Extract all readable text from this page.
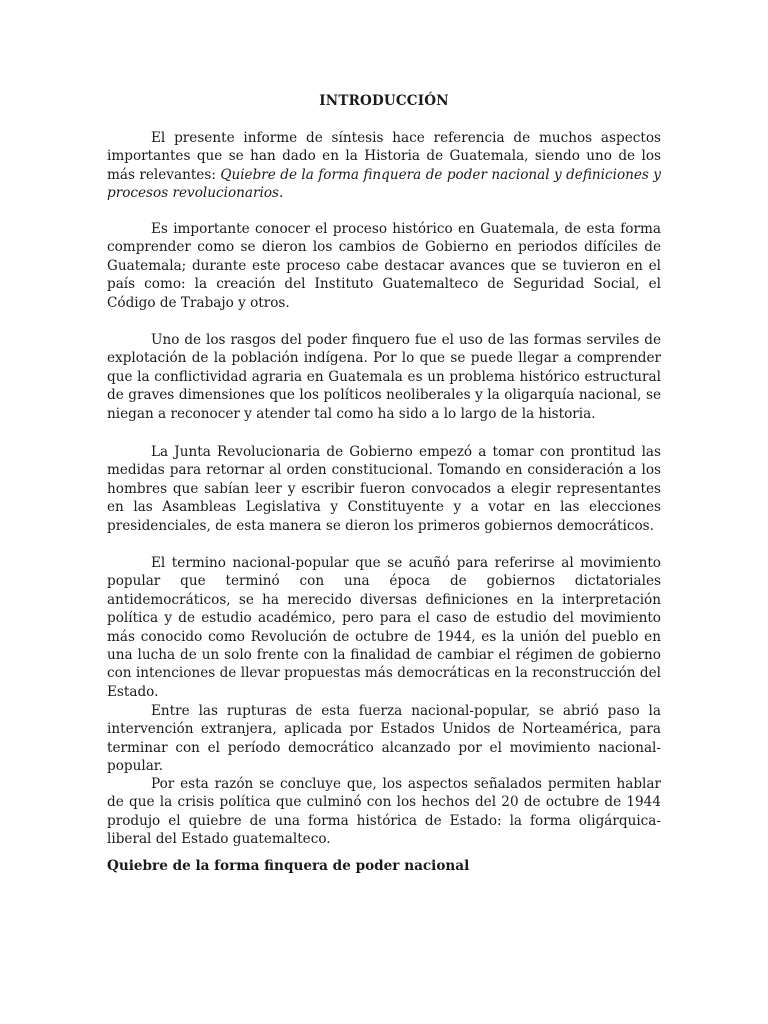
INTRODUCCIÓN

El presente informe de síntesis hace referencia de muchos aspectos importantes que se han dado en la Historia de Guatemala, siendo uno de los más relevantes: Quiebre de la forma finquera de poder nacional y definiciones y procesos revolucionarios.

Es importante conocer el proceso histórico en Guatemala, de esta forma comprender como se dieron los cambios de Gobierno en periodos difíciles de Guatemala; durante este proceso cabe destacar avances que se tuvieron en el país como: la creación del Instituto Guatemalteco de Seguridad Social, el Código de Trabajo y otros.

Uno de los rasgos del poder finquero fue el uso de las formas serviles de explotación de la población indígena. Por lo que se puede llegar a comprender que la conflictividad agraria en Guatemala es un problema histórico estructural de graves dimensiones que los políticos neoliberales y la oligarquía nacional, se niegan a reconocer y atender tal como ha sido a lo largo de la historia.

La Junta Revolucionaria de Gobierno empezó a tomar con prontitud las medidas para retornar al orden constitucional. Tomando en consideración a los hombres que sabían leer y escribir fueron convocados a elegir representantes en las Asambleas Legislativa y Constituyente y a votar en las elecciones presidenciales, de esta manera se dieron los primeros gobiernos democráticos.

El termino nacional-popular que se acuñó para referirse al movimiento popular que terminó con una época de gobiernos dictatoriales antidemocráticos, se ha merecido diversas definiciones en la interpretación política y de estudio académico, pero para el caso de estudio del movimiento más conocido como Revolución de octubre de 1944, es la unión del pueblo en una lucha de un solo frente con la finalidad de cambiar el régimen de gobierno con intenciones de llevar propuestas más democráticas en la reconstrucción del Estado.

Entre las rupturas de esta fuerza nacional-popular, se abrió paso la intervención extranjera, aplicada por Estados Unidos de Norteamérica, para terminar con el período democrático alcanzado por el movimiento nacional-popular.

Por esta razón se concluye que, los aspectos señalados permiten hablar de que la crisis política que culminó con los hechos del 20 de octubre de 1944 produjo el quiebre de una forma histórica de Estado: la forma oligárquica-liberal del Estado guatemalteco.

Quiebre de la forma finquera de poder nacional
